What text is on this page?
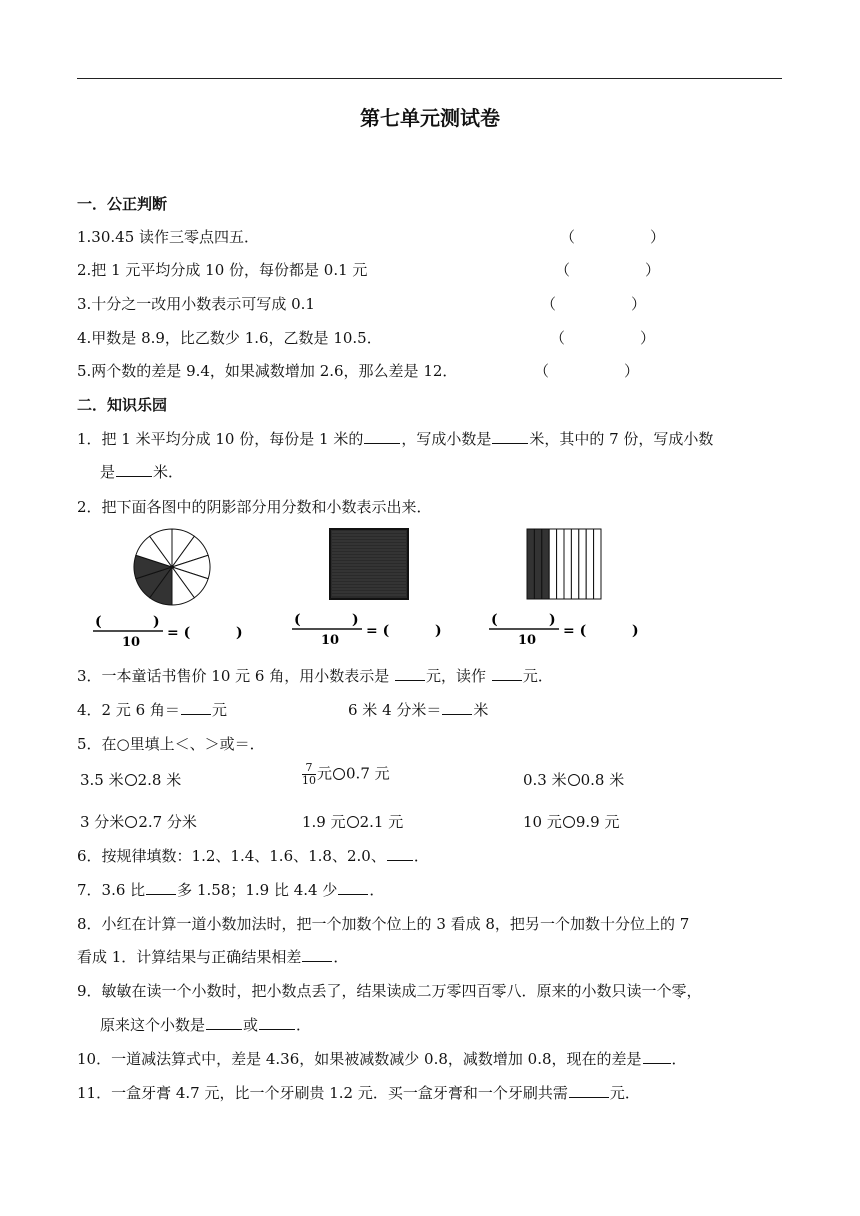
第七单元测试卷
一．公正判断
1.30.45 读作三零点四五．	（　　　　　）
2.把 1 元平均分成 10 份，每份都是 0.1 元	（　　　　　）
3.十分之一改用小数表示可写成 0.1	（　　　　　）
4.甲数是 8.9，比乙数少 1.6，乙数是 10.5．	（　　　　　）
5.两个数的差是 9.4，如果减数增加 2.6，那么差是 12．	（　　　　　）
二．知识乐园
1．把 1 米平均分成 10 份，每份是 1 米的	，写成小数是	米，其中的 7 份，写成小数
是	米．
2．把下面各图中的阴影部分用分数和小数表示出来．
(	)
10
= (	)
(	)
10
= (	)
(	)
10
= (	)
3．一本童话书售价 10 元 6 角，用小数表示是 元，读作 元．
4．2 元 6 角＝ 元	6 米 4 分米＝ 米
5．在○里填上＜、＞或＝．
3.5 米 2.8 米	$\frac{7}{10}$ 元 0.7 元	0.3 米 0.8 米
3 分米 2.7 分米	1.9 元 2.1 元	10 元 9.9 元
6．按规律填数：1.2、1.4、1.6、1.8、2.0、 ．
7．3.6 比 多 1.58；1.9 比 4.4 少 ．
8．小红在计算一道小数加法时，把一个加数个位上的 3 看成 8，把另一个加数十分位上的 7
看成 1．计算结果与正确结果相差 ．
9．敏敏在读一个小数时，把小数点丢了，结果读成二万零四百零八．原来的小数只读一个零，
原来这个小数是	或	．
10．一道减法算式中，差是 4.36，如果被减数减少 0.8，减数增加 0.8，现在的差是 ．
11．一盒牙膏 4.7 元，比一个牙刷贵 1.2 元．买一盒牙膏和一个牙刷共需	元．
